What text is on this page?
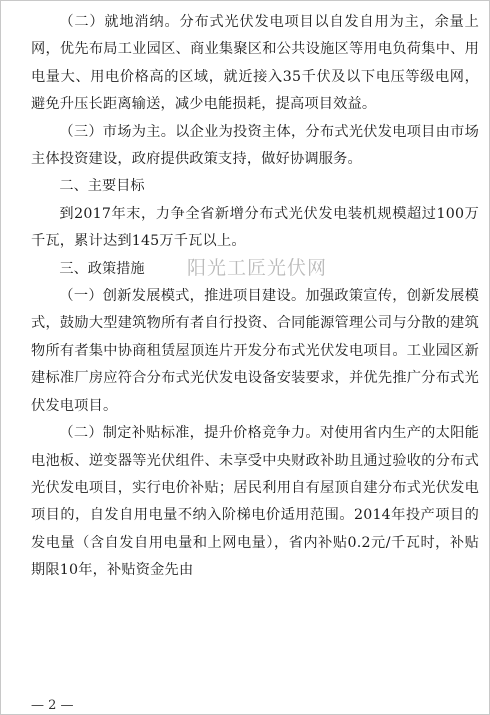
（二）就地消纳。分布式光伏发电项目以自发自用为主，余量上网，优先布局工业园区、商业集聚区和公共设施区等用电负荷集中、用电量大、用电价格高的区域，就近接入35千伏及以下电压等级电网，避免升压长距离输送，减少电能损耗，提高项目效益。

（三）市场为主。以企业为投资主体，分布式光伏发电项目由市场主体投资建设，政府提供政策支持，做好协调服务。

二、主要目标

到2017年末，力争全省新增分布式光伏发电装机规模超过100万千瓦，累计达到145万千瓦以上。

三、政策措施	阳光工匠光伏网

（一）创新发展模式，推进项目建设。加强政策宣传，创新发展模式，鼓励大型建筑物所有者自行投资、合同能源管理公司与分散的建筑物所有者集中协商租赁屋顶连片开发分布式光伏发电项目。工业园区新建标准厂房应符合分布式光伏发电设备安装要求，并优先推广分布式光伏发电项目。

（二）制定补贴标准，提升价格竞争力。对使用省内生产的太阳能电池板、逆变器等光伏组件、未享受中央财政补助且通过验收的分布式光伏发电项目，实行电价补贴；居民利用自有屋顶自建分布式光伏发电项目的，自发自用电量不纳入阶梯电价适用范围。2014年投产项目的发电量（含自发自用电量和上网电量），省内补贴0.2元/千瓦时，补贴期限10年，补贴资金先由

— 2 —
